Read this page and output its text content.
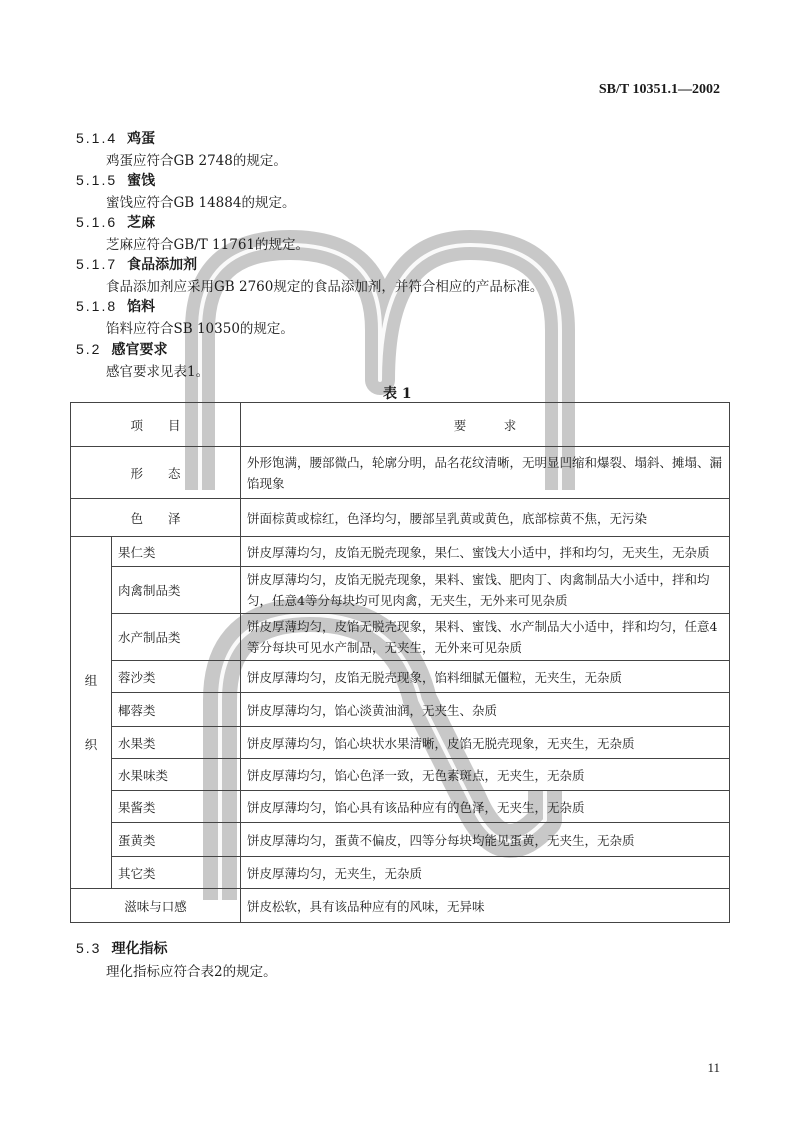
SB/T 10351.1—2002
5.1.4 鸡蛋
鸡蛋应符合GB 2748的规定。
5.1.5 蜜饯
蜜饯应符合GB 14884的规定。
5.1.6 芝麻
芝麻应符合GB/T 11761的规定。
5.1.7 食品添加剂
食品添加剂应采用GB 2760规定的食品添加剂，并符合相应的产品标准。
5.1.8 馅料
馅料应符合SB 10350的规定。
5.2 感官要求
感官要求见表1。
表 1
项　　目		要　　　求
形　　态		外形饱满，腰部微凸，轮廓分明，品名花纹清晰，无明显凹缩和爆裂、塌斜、摊塌、漏馅现象
色　　泽		饼面棕黄或棕红，色泽均匀，腰部呈乳黄或黄色，底部棕黄不焦，无污染

组
织	果仁类	饼皮厚薄均匀，皮馅无脱壳现象，果仁、蜜饯大小适中，拌和均匀，无夹生，无杂质
	肉禽制品类	饼皮厚薄均匀，皮馅无脱壳现象，果料、蜜饯、肥肉丁、肉禽制品大小适中，拌和均匀，任意4等分每块均可见肉禽，无夹生，无外来可见杂质
	水产制品类	饼皮厚薄均匀，皮馅无脱壳现象，果料、蜜饯、水产制品大小适中，拌和均匀，任意4等分每块可见水产制品，无夹生，无外来可见杂质
	蓉沙类	饼皮厚薄均匀，皮馅无脱壳现象，馅料细腻无僵粒，无夹生，无杂质
	椰蓉类	饼皮厚薄均匀，馅心淡黄油润，无夹生、杂质
	水果类	饼皮厚薄均匀，馅心块状水果清晰，皮馅无脱壳现象，无夹生，无杂质
	水果味类	饼皮厚薄均匀，馅心色泽一致，无色素斑点，无夹生，无杂质
	果酱类	饼皮厚薄均匀，馅心具有该品种应有的色泽，无夹生，无杂质
	蛋黄类	饼皮厚薄均匀，蛋黄不偏皮，四等分每块均能见蛋黄，无夹生，无杂质
	其它类	饼皮厚薄均匀，无夹生，无杂质
滋味与口感		饼皮松软，具有该品种应有的风味，无异味
5.3 理化指标
理化指标应符合表2的规定。
11
